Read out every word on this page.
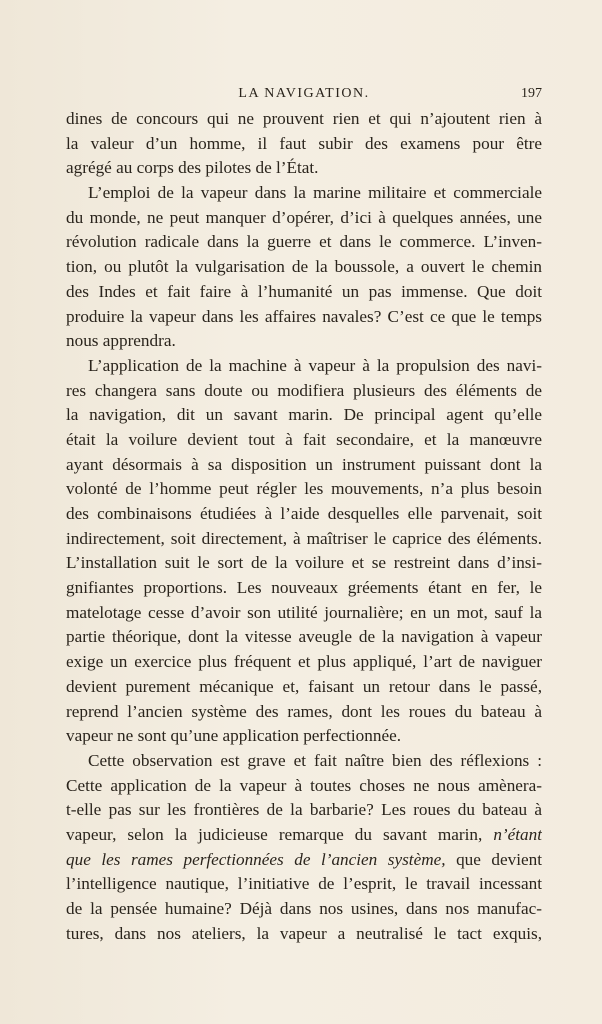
LA NAVIGATION.	197
dines de concours qui ne prouvent rien et qui n’ajoutent rien à
la valeur d’un homme, il faut subir des examens pour être
agrégé au corps des pilotes de l’État.
L’emploi de la vapeur dans la marine militaire et commerciale
du monde, ne peut manquer d’opérer, d’ici à quelques années, une
révolution radicale dans la guerre et dans le commerce. L’inven-
tion, ou plutôt la vulgarisation de la boussole, a ouvert le chemin
des Indes et fait faire à l’humanité un pas immense. Que doit
produire la vapeur dans les affaires navales? C’est ce que le temps
nous apprendra.
L’application de la machine à vapeur à la propulsion des navi-
res changera sans doute ou modifiera plusieurs des éléments de
la navigation, dit un savant marin. De principal agent qu’elle
était la voilure devient tout à fait secondaire, et la manœuvre
ayant désormais à sa disposition un instrument puissant dont la
volonté de l’homme peut régler les mouvements, n’a plus besoin
des combinaisons étudiées à l’aide desquelles elle parvenait, soit
indirectement, soit directement, à maîtriser le caprice des éléments.
L’installation suit le sort de la voilure et se restreint dans d’insi-
gnifiantes proportions. Les nouveaux gréements étant en fer, le
matelotage cesse d’avoir son utilité journalière; en un mot, sauf la
partie théorique, dont la vitesse aveugle de la navigation à vapeur
exige un exercice plus fréquent et plus appliqué, l’art de naviguer
devient purement mécanique et, faisant un retour dans le passé,
reprend l’ancien système des rames, dont les roues du bateau à
vapeur ne sont qu’une application perfectionnée.
Cette observation est grave et fait naître bien des réflexions :
Cette application de la vapeur à toutes choses ne nous amènera-
t-elle pas sur les frontières de la barbarie? Les roues du bateau à
vapeur, selon la judicieuse remarque du savant marin, n’étant
que les rames perfectionnées de l’ancien système, que devient
l’intelligence nautique, l’initiative de l’esprit, le travail incessant
de la pensée humaine? Déjà dans nos usines, dans nos manufac-
tures, dans nos ateliers, la vapeur a neutralisé le tact exquis,
